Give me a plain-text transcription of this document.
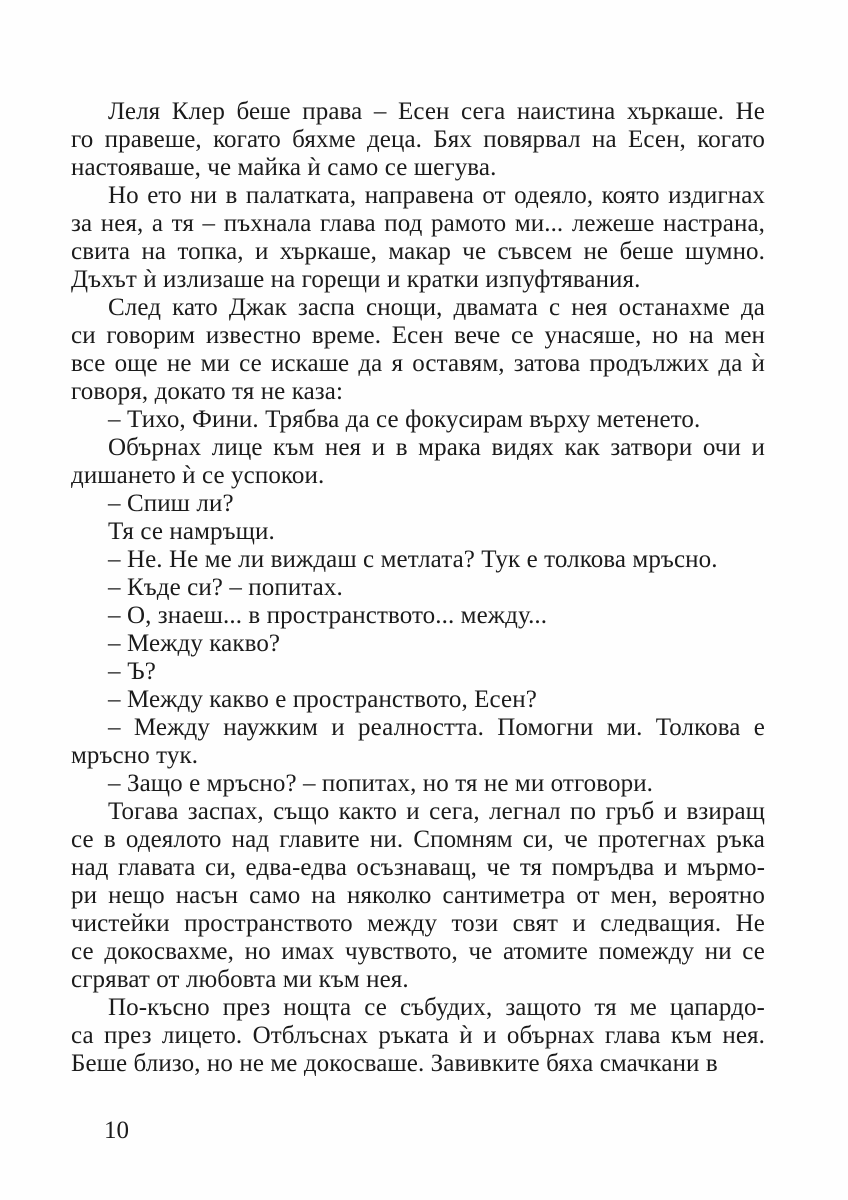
Леля Клер беше права – Есен сега наистина хъркаше. Не
го правеше, когато бяхме деца. Бях повярвал на Есен, когато
настояваше, че майка ѝ само се шегува.

Но ето ни в палатката, направена от одеяло, която издигнах
за нея, а тя – пъхнала глава под рамото ми... лежеше настрана,
свита на топка, и хъркаше, макар че съвсем не беше шумно.
Дъхът ѝ излизаше на горещи и кратки изпуфтявания.

След като Джак заспа снощи, двамата с нея останахме да
си говорим известно време. Есен вече се унасяше, но на мен
все още не ми се искаше да я оставям, затова продължих да ѝ
говоря, докато тя не каза:

– Тихо, Фини. Трябва да се фокусирам върху метенето.

Обърнах лице към нея и в мрака видях как затвори очи и
дишането ѝ се успокои.

– Спиш ли?

Тя се намръщи.

– Не. Не ме ли виждаш с метлата? Тук е толкова мръсно.

– Къде си? – попитах.

– О, знаеш... в пространството... между...

– Между какво?

– Ъ?

– Между какво е пространството, Есен?

– Между наужким и реалността. Помогни ми. Толкова е
мръсно тук.

– Защо е мръсно? – попитах, но тя не ми отговори.

Тогава заспах, също както и сега, легнал по гръб и взиращ
се в одеялото над главите ни. Спомням си, че протегнах ръка
над главата си, едва-едва осъзнаващ, че тя помръдва и мърмо-
ри нещо насън само на няколко сантиметра от мен, вероятно
чистейки пространството между този свят и следващия. Не
се докосвахме, но имах чувството, че атомите помежду ни се
сгряват от любовта ми към нея.

По-късно през нощта се събудих, защото тя ме цапардо-
са през лицето. Отблъснах ръката ѝ и обърнах глава към нея.
Беше близо, но не ме докосваше. Завивките бяха смачкани в

10
